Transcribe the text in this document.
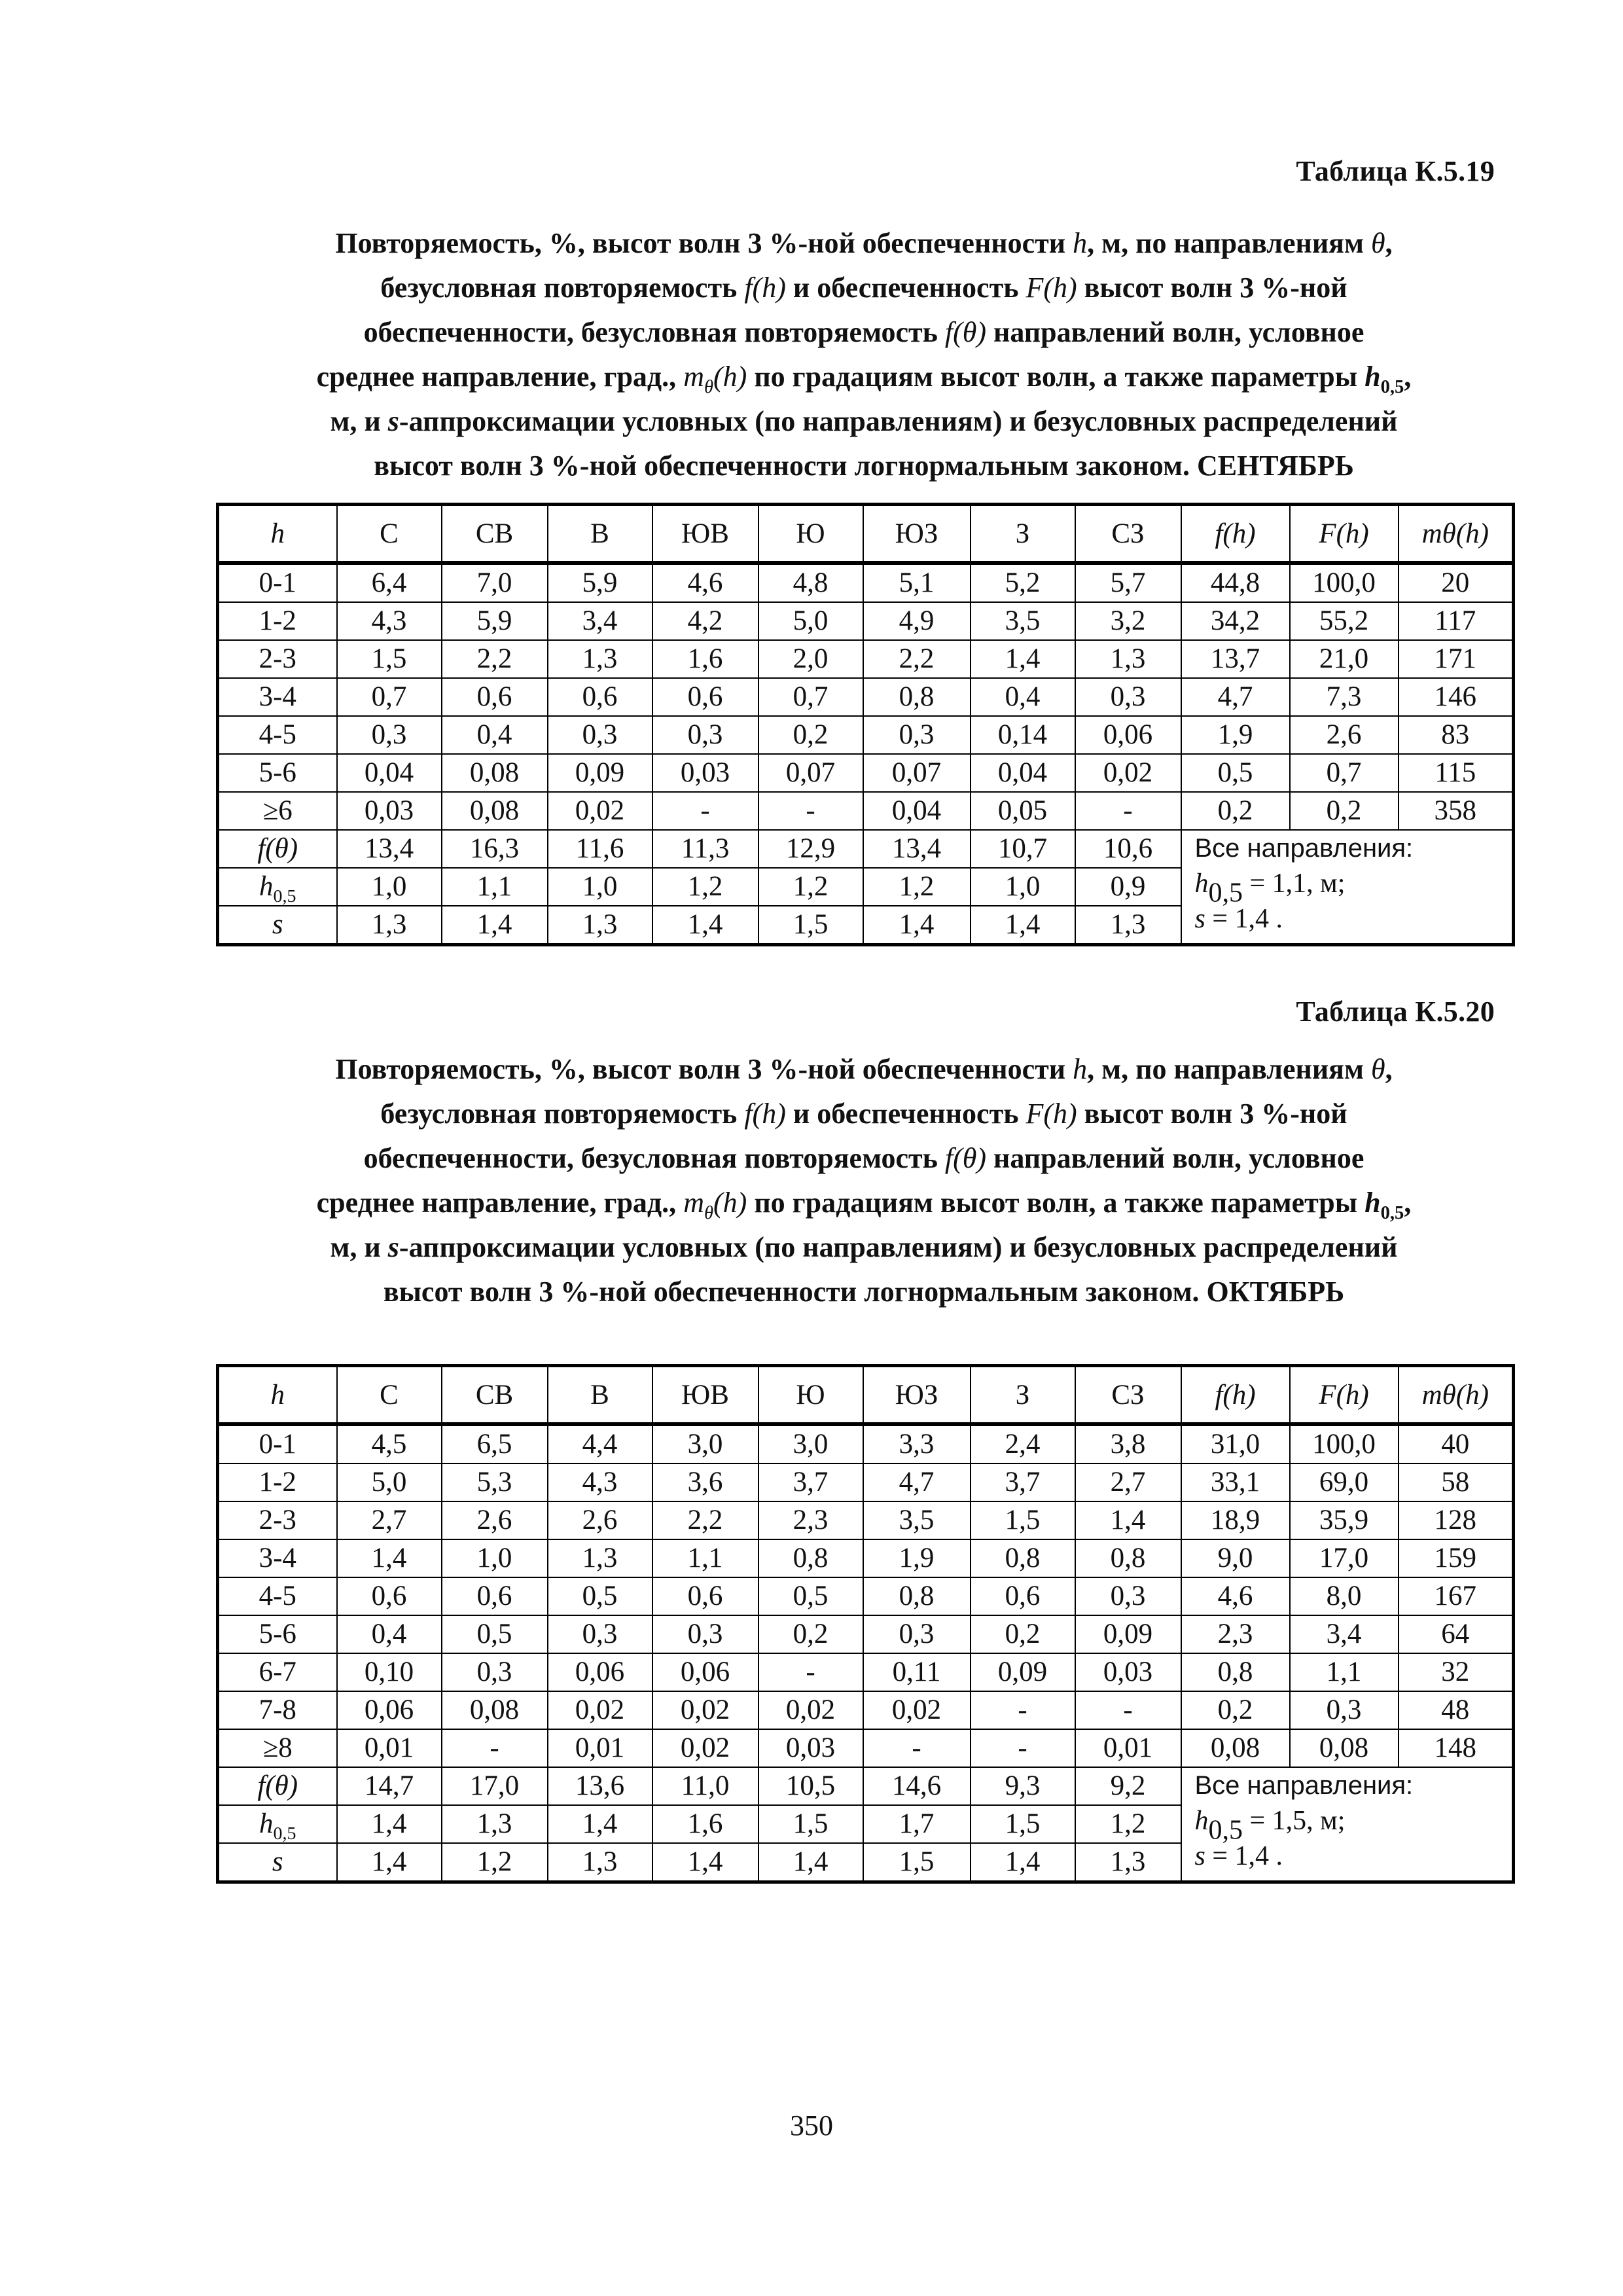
Таблица К.5.19
Повторяемость, %, высот волн 3 %-ной обеспеченности h, м, по направлениям θ,
безусловная повторяемость f(h) и обеспеченность F(h) высот волн 3 %-ной
обеспеченности, безусловная повторяемость f(θ) направлений волн, условное
среднее направление, град., $m_\theta(h)$ по градациям высот волн, а также параметры $h_{0,5}$,
м, и s-аппроксимации условных (по направлениям) и безусловных распределений
высот волн 3 %-ной обеспеченности логнормальным законом. СЕНТЯБРЬ
h	С	СВ	В	ЮВ	Ю	ЮЗ	З	СЗ	f(h)	F(h)	mθ(h)
0-1	6,4	7,0	5,9	4,6	4,8	5,1	5,2	5,7	44,8	100,0	20
1-2	4,3	5,9	3,4	4,2	5,0	4,9	3,5	3,2	34,2	55,2	117
2-3	1,5	2,2	1,3	1,6	2,0	2,2	1,4	1,3	13,7	21,0	171
3-4	0,7	0,6	0,6	0,6	0,7	0,8	0,4	0,3	4,7	7,3	146
4-5	0,3	0,4	0,3	0,3	0,2	0,3	0,14	0,06	1,9	2,6	83
5-6	0,04	0,08	0,09	0,03	0,07	0,07	0,04	0,02	0,5	0,7	115
≥6	0,03	0,08	0,02	-	-	0,04	0,05	-	0,2	0,2	358
f(θ)	13,4	16,3	11,6	11,3	12,9	13,4	10,7	10,6	Все направления:
$h_{0,5} = 1,1$, м;
s = 1,4 .		

$h_{0,5}$	1,0	1,1	1,0	1,2	1,2	1,2	1,0	0,9			
s	1,3	1,4	1,3	1,4	1,5	1,4	1,4	1,3			
Таблица К.5.20
Повторяемость, %, высот волн 3 %-ной обеспеченности h, м, по направлениям θ,
безусловная повторяемость f(h) и обеспеченность F(h) высот волн 3 %-ной
обеспеченности, безусловная повторяемость f(θ) направлений волн, условное
среднее направление, град., $m_\theta(h)$ по градациям высот волн, а также параметры $h_{0,5}$,
м, и s-аппроксимации условных (по направлениям) и безусловных распределений
высот волн 3 %-ной обеспеченности логнормальным законом. ОКТЯБРЬ
h	С	СВ	В	ЮВ	Ю	ЮЗ	З	СЗ	f(h)	F(h)	mθ(h)
0-1	4,5	6,5	4,4	3,0	3,0	3,3	2,4	3,8	31,0	100,0	40
1-2	5,0	5,3	4,3	3,6	3,7	4,7	3,7	2,7	33,1	69,0	58
2-3	2,7	2,6	2,6	2,2	2,3	3,5	1,5	1,4	18,9	35,9	128
3-4	1,4	1,0	1,3	1,1	0,8	1,9	0,8	0,8	9,0	17,0	159
4-5	0,6	0,6	0,5	0,6	0,5	0,8	0,6	0,3	4,6	8,0	167
5-6	0,4	0,5	0,3	0,3	0,2	0,3	0,2	0,09	2,3	3,4	64
6-7	0,10	0,3	0,06	0,06	-	0,11	0,09	0,03	0,8	1,1	32
7-8	0,06	0,08	0,02	0,02	0,02	0,02	-	-	0,2	0,3	48
≥8	0,01	-	0,01	0,02	0,03	-	-	0,01	0,08	0,08	148
f(θ)	14,7	17,0	13,6	11,0	10,5	14,6	9,3	9,2	Все направления:
$h_{0,5} = 1,5$, м;
s = 1,4 .		

$h_{0,5}$	1,4	1,3	1,4	1,6	1,5	1,7	1,5	1,2			
s	1,4	1,2	1,3	1,4	1,4	1,5	1,4	1,3			
350
